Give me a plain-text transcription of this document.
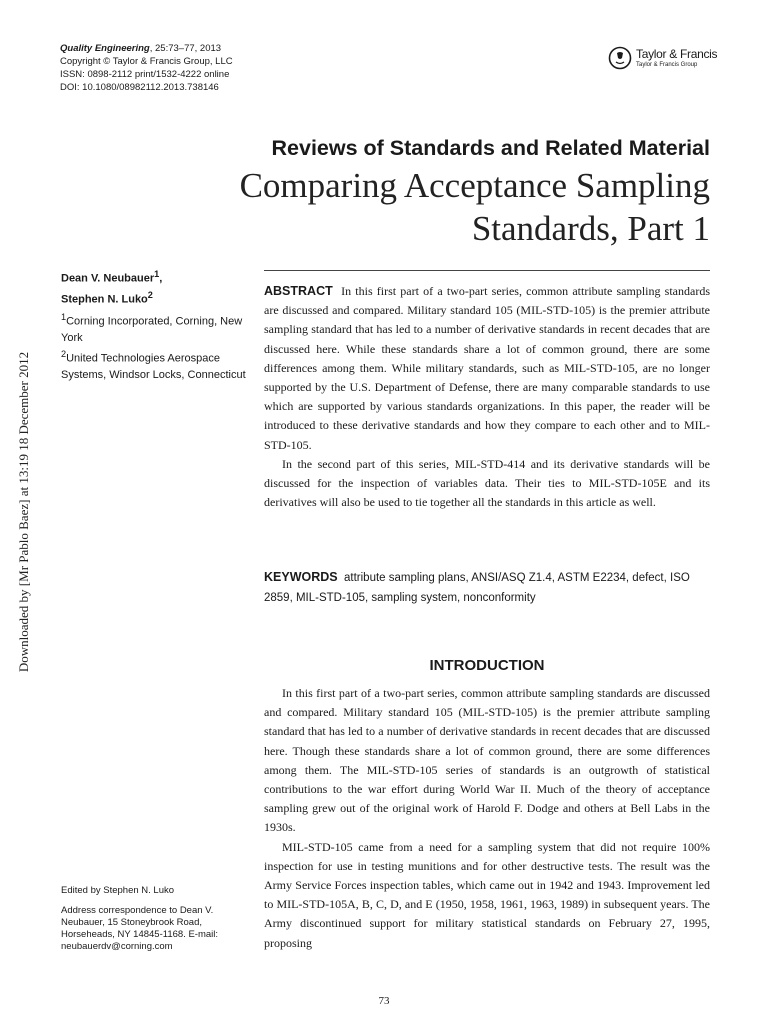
Quality Engineering, 25:73–77, 2013
Copyright © Taylor & Francis Group, LLC
ISSN: 0898-2112 print/1532-4222 online
DOI: 10.1080/08982112.2013.738146
Taylor & Francis
Taylor & Francis Group
Reviews of Standards and Related Material
Comparing Acceptance Sampling
Standards, Part 1
Downloaded by [Mr Pablo Baez] at 13:19 18 December 2012
Dean V. Neubauer$^1$,
Stephen N. Luko$^2$
$^1$Corning Incorporated, Corning, New York
$^2$United Technologies Aerospace Systems, Windsor Locks, Connecticut

ABSTRACT In this first part of a two-part series, common attribute sampling standards are discussed and compared. Military standard 105 (MIL-STD-105) is the premier attribute sampling standard that has led to a number of derivative standards in recent decades that are discussed here. While these standards share a lot of common ground, there are some differences among them. While military standards, such as MIL-STD-105, are no longer supported by the U.S. Department of Defense, there are many comparable standards to use which are supported by various standards organizations. In this paper, the reader will be introduced to these derivative standards and how they compare to each other and to MIL-STD-105.

In the second part of this series, MIL-STD-414 and its derivative standards will be discussed for the inspection of variables data. Their ties to MIL-STD-105E and its derivatives will also be used to tie together all the standards in this article as well.

KEYWORDS attribute sampling plans, ANSI/ASQ Z1.4, ASTM E2234, defect, ISO 2859, MIL-STD-105, sampling system, nonconformity
INTRODUCTION

In this first part of a two-part series, common attribute sampling standards are discussed and compared. Military standard 105 (MIL-STD-105) is the premier attribute sampling standard that has led to a number of derivative standards in recent decades that are discussed here. Though these standards share a lot of common ground, there are some differences among them. The MIL-STD-105 series of standards is an outgrowth of statistical contributions to the war effort during World War II. Much of the theory of acceptance sampling grew out of the original work of Harold F. Dodge and others at Bell Labs in the 1930s.

MIL-STD-105 came from a need for a sampling system that did not require 100% inspection for use in testing munitions and for other destructive tests. The result was the Army Service Forces inspection tables, which came out in 1942 and 1943. Improvement led to MIL-STD-105A, B, C, D, and E (1950, 1958, 1961, 1963, 1989) in subsequent years. The Army discontinued support for military statistical standards on February 27, 1995, proposing

Edited by Stephen N. Luko
Address correspondence to Dean V. Neubauer, 15 Stoneybrook Road, Horseheads, NY 14845-1168. E-mail: neubauerdv@corning.com
73
